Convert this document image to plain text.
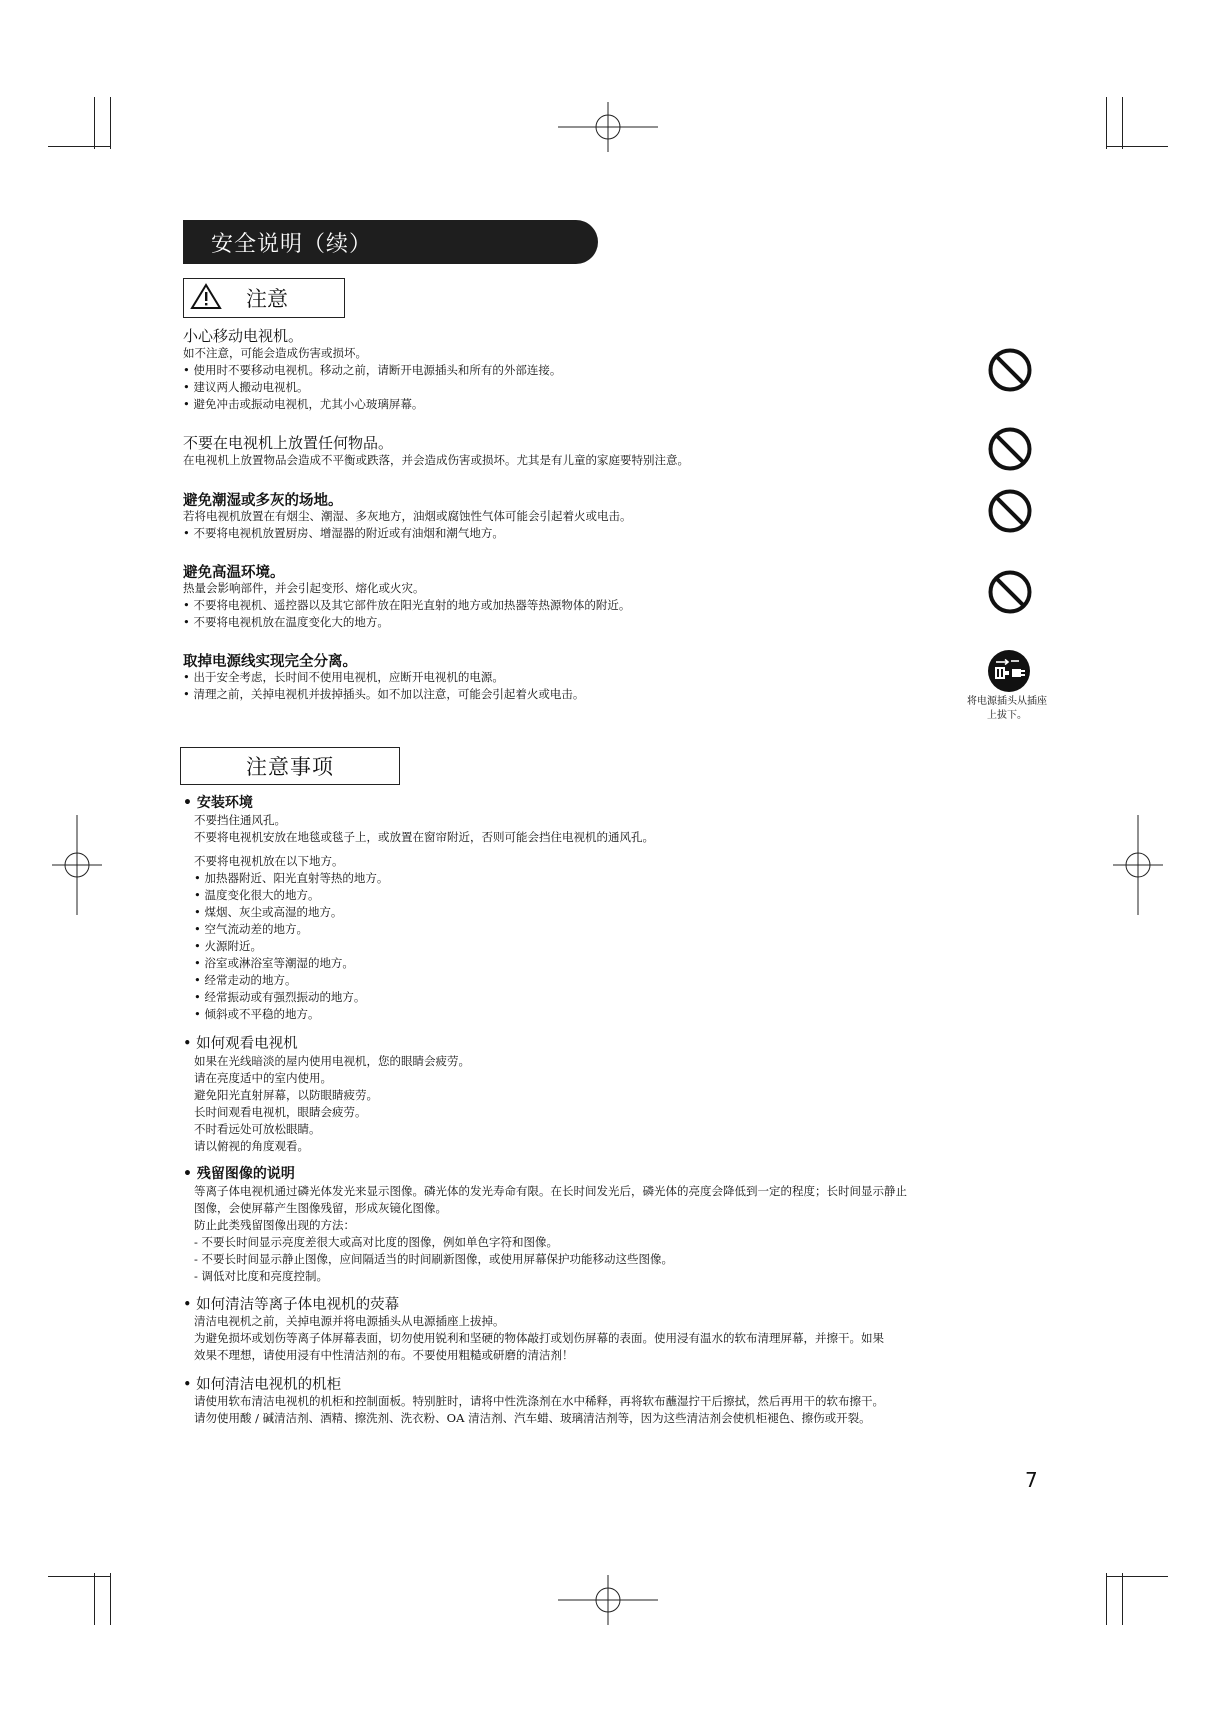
安全说明（续）
注意
小心移动电视机。
如不注意，可能会造成伤害或损坏。
• 使用时不要移动电视机。移动之前，请断开电源插头和所有的外部连接。
• 建议两人搬动电视机。
• 避免冲击或振动电视机，尤其小心玻璃屏幕。
不要在电视机上放置任何物品。
在电视机上放置物品会造成不平衡或跌落，并会造成伤害或损坏。尤其是有儿童的家庭要特别注意。
避免潮湿或多灰的场地。
若将电视机放置在有烟尘、潮湿、多灰地方，油烟或腐蚀性气体可能会引起着火或电击。
• 不要将电视机放置厨房、增湿器的附近或有油烟和潮气地方。
避免高温环境。
热量会影响部件，并会引起变形、熔化或火灾。
• 不要将电视机、遥控器以及其它部件放在阳光直射的地方或加热器等热源物体的附近。
• 不要将电视机放在温度变化大的地方。
取掉电源线实现完全分离。
• 出于安全考虑，长时间不使用电视机，应断开电视机的电源。
• 清理之前，关掉电视机并拔掉插头。如不加以注意，可能会引起着火或电击。
将电源插头从插座上拔下。
注意事项
• 安装环境
不要挡住通风孔。
不要将电视机安放在地毯或毯子上，或放置在窗帘附近，否则可能会挡住电视机的通风孔。
不要将电视机放在以下地方。
• 加热器附近、阳光直射等热的地方。
• 温度变化很大的地方。
• 煤烟、灰尘或高湿的地方。
• 空气流动差的地方。
• 火源附近。
• 浴室或淋浴室等潮湿的地方。
• 经常走动的地方。
• 经常振动或有强烈振动的地方。
• 倾斜或不平稳的地方。
• 如何观看电视机
如果在光线暗淡的屋内使用电视机，您的眼睛会疲劳。
请在亮度适中的室内使用。
避免阳光直射屏幕，以防眼睛疲劳。
长时间观看电视机，眼睛会疲劳。
不时看远处可放松眼睛。
请以俯视的角度观看。
• 残留图像的说明
等离子体电视机通过磷光体发光来显示图像。磷光体的发光寿命有限。在长时间发光后，磷光体的亮度会降低到一定的程度；长时间显示静止
图像，会使屏幕产生图像残留，形成灰镜化图像。
防止此类残留图像出现的方法：
- 不要长时间显示亮度差很大或高对比度的图像，例如单色字符和图像。
- 不要长时间显示静止图像，应间隔适当的时间刷新图像，或使用屏幕保护功能移动这些图像。
- 调低对比度和亮度控制。
• 如何清洁等离子体电视机的荧幕
清洁电视机之前，关掉电源并将电源插头从电源插座上拔掉。
为避免损坏或划伤等离子体屏幕表面，切勿使用锐利和坚硬的物体敲打或划伤屏幕的表面。使用浸有温水的软布清理屏幕，并擦干。如果
效果不理想，请使用浸有中性清洁剂的布。不要使用粗糙或研磨的清洁剂！
• 如何清洁电视机的机柜
请使用软布清洁电视机的机柜和控制面板。特别脏时，请将中性洗涤剂在水中稀释，再将软布蘸湿拧干后擦拭，然后再用干的软布擦干。
请勿使用酸 / 碱清洁剂、酒精、擦洗剂、洗衣粉、OA 清洁剂、汽车蜡、玻璃清洁剂等，因为这些清洁剂会使机柜褪色、擦伤或开裂。
7
